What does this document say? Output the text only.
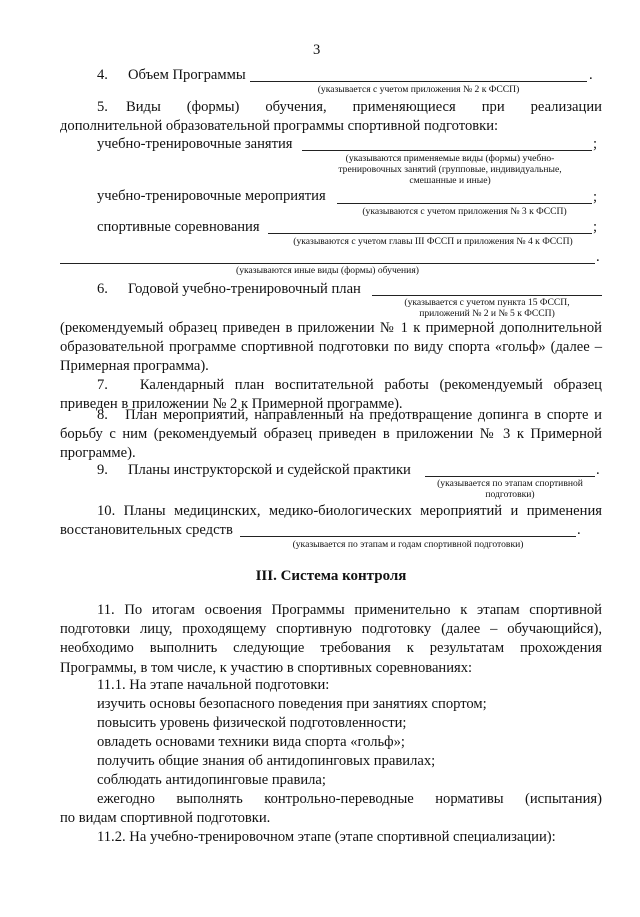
3
4. Объем Программы	.
(указывается с учетом приложения № 2 к ФССП)
5. Виды (формы) обучения, применяющиеся при реализации
дополнительной образовательной программы спортивной подготовки:
учебно-тренировочные занятия	;
(указываются применяемые виды (формы) учебно-тренировочных занятий (групповые, индивидуальные, смешанные и иные)
учебно-тренировочные мероприятия	;
(указываются с учетом приложения № 3 к ФССП)
спортивные соревнования	;
(указываются с учетом главы III ФССП и приложения № 4 к ФССП)
.
(указываются иные виды (формы) обучения)
6. Годовой учебно-тренировочный план
(указывается с учетом пункта 15 ФССП, приложений № 2 и № 5 к ФССП)
(рекомендуемый образец приведен в приложении № 1 к примерной дополнительной образовательной программе спортивной подготовки по виду спорта «гольф» (далее – Примерная программа).
7.   Календарный план воспитательной работы (рекомендуемый образец приведен в приложении № 2 к Примерной программе).
8.   План мероприятий, направленный на предотвращение допинга в спорте и борьбу с ним (рекомендуемый образец приведен в приложении № 3 к Примерной программе).
9. Планы инструкторской и судейской практики	.
(указывается по этапам спортивной подготовки)
10. Планы медицинских, медико-биологических мероприятий и применения
восстановительных средств	.
(указывается по этапам и годам спортивной подготовки)
III. Система контроля
11. По итогам освоения Программы применительно к этапам спортивной подготовки лицу, проходящему спортивную подготовку (далее – обучающийся), необходимо выполнить следующие требования к результатам прохождения Программы, в том числе, к участию в спортивных соревнованиях:
11.1. На этапе начальной подготовки:
изучить основы безопасного поведения при занятиях спортом;
повысить уровень физической подготовленности;
овладеть основами техники вида спорта «гольф»;
получить общие знания об антидопинговых правилах;
соблюдать антидопинговые правила;
ежегодно выполнять контрольно-переводные нормативы (испытания)
по видам спортивной подготовки.
11.2. На учебно-тренировочном этапе (этапе спортивной специализации):
